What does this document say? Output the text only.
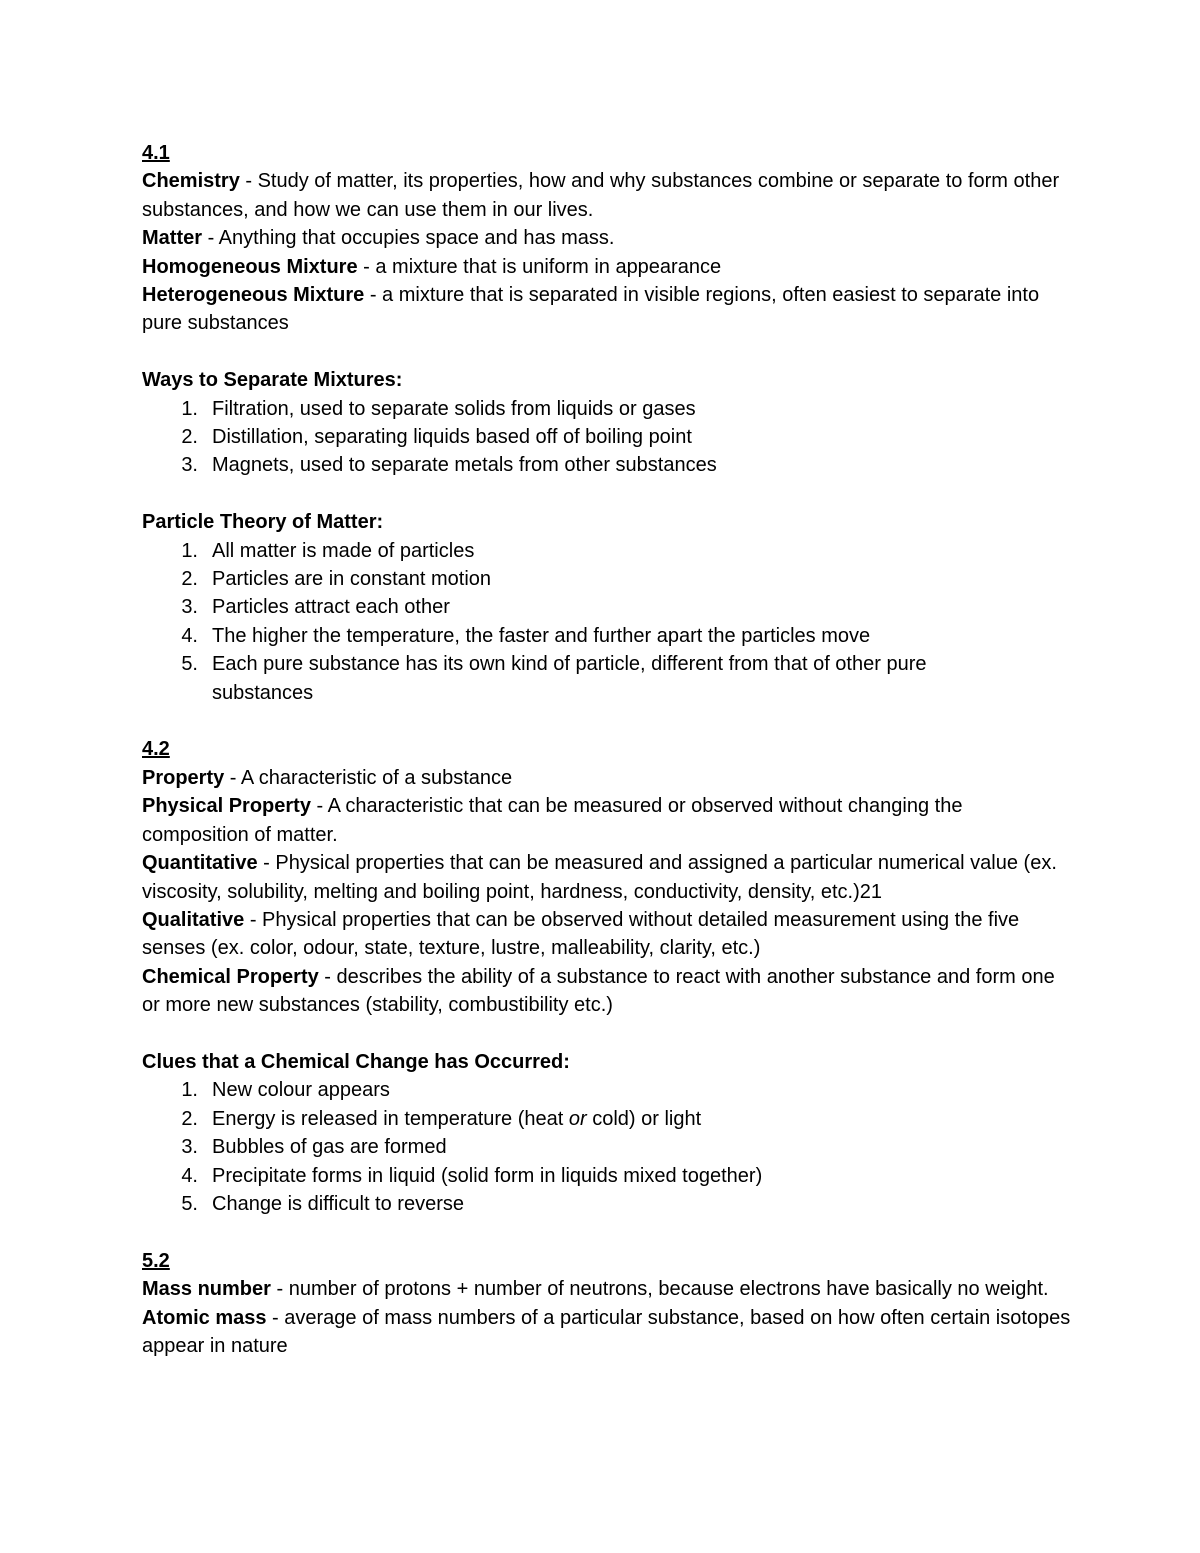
4.1
Chemistry - Study of matter, its properties, how and why substances combine or separate to form other substances, and how we can use them in our lives.
Matter - Anything that occupies space and has mass.
Homogeneous Mixture - a mixture that is uniform in appearance
Heterogeneous Mixture - a mixture that is separated in visible regions, often easiest to separate into pure substances
Ways to Separate Mixtures:
1. Filtration, used to separate solids from liquids or gases
2. Distillation, separating liquids based off of boiling point
3. Magnets, used to separate metals from other substances
Particle Theory of Matter:
1. All matter is made of particles
2. Particles are in constant motion
3. Particles attract each other
4. The higher the temperature, the faster and further apart the particles move
5. Each pure substance has its own kind of particle, different from that of other pure substances
4.2
Property - A characteristic of a substance
Physical Property - A characteristic that can be measured or observed without changing the composition of matter.
Quantitative - Physical properties that can be measured and assigned a particular numerical value (ex. viscosity, solubility, melting and boiling point, hardness, conductivity, density, etc.)21
Qualitative - Physical properties that can be observed without detailed measurement using the five senses (ex. color, odour, state, texture, lustre, malleability, clarity, etc.)
Chemical Property - describes the ability of a substance to react with another substance and form one or more new substances (stability, combustibility etc.)
Clues that a Chemical Change has Occurred:
1. New colour appears
2. Energy is released in temperature (heat or cold) or light
3. Bubbles of gas are formed
4. Precipitate forms in liquid (solid form in liquids mixed together)
5. Change is difficult to reverse
5.2
Mass number - number of protons + number of neutrons, because electrons have basically no weight.
Atomic mass - average of mass numbers of a particular substance, based on how often certain isotopes appear in nature
